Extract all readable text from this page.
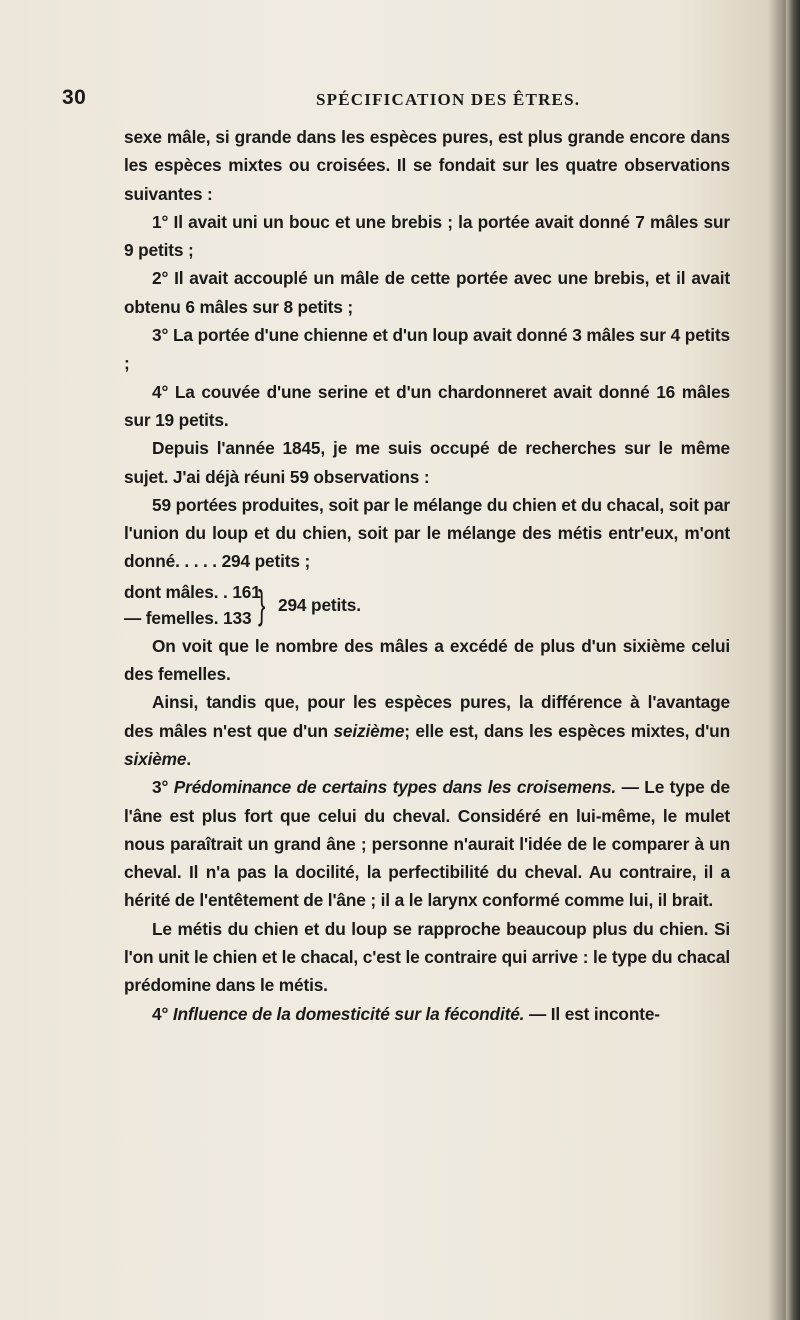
30	SPÉCIFICATION DES ÊTRES.

sexe mâle, si grande dans les espèces pures, est plus grande encore dans les espèces mixtes ou croisées. Il se fondait sur les quatre observations suivantes :

1° Il avait uni un bouc et une brebis ; la portée avait donné 7 mâles sur 9 petits ;

2° Il avait accouplé un mâle de cette portée avec une brebis, et il avait obtenu 6 mâles sur 8 petits ;

3° La portée d'une chienne et d'un loup avait donné 3 mâles sur 4 petits ;

4° La couvée d'une serine et d'un chardonneret avait donné 16 mâles sur 19 petits.

Depuis l'année 1845, je me suis occupé de recherches sur le même sujet. J'ai déjà réuni 59 observations :

59 portées produites, soit par le mélange du chien et du chacal, soit par l'union du loup et du chien, soit par le mélange des métis entr'eux, m'ont donné. . . . . 294 petits ;

dont mâles. . 161
— femelles. 133 } 294 petits.

On voit que le nombre des mâles a excédé de plus d'un sixième celui des femelles.

Ainsi, tandis que, pour les espèces pures, la différence à l'avantage des mâles n'est que d'un seizième; elle est, dans les espèces mixtes, d'un sixième.

3° Prédominance de certains types dans les croisemens. — Le type de l'âne est plus fort que celui du cheval. Considéré en lui-même, le mulet nous paraîtrait un grand âne ; personne n'aurait l'idée de le comparer à un cheval. Il n'a pas la docilité, la perfectibilité du cheval. Au contraire, il a hérité de l'entêtement de l'âne ; il a le larynx conformé comme lui, il brait.

Le métis du chien et du loup se rapproche beaucoup plus du chien. Si l'on unit le chien et le chacal, c'est le contraire qui arrive : le type du chacal prédomine dans le métis.

4° Influence de la domesticité sur la fécondité. — Il est inconte-
